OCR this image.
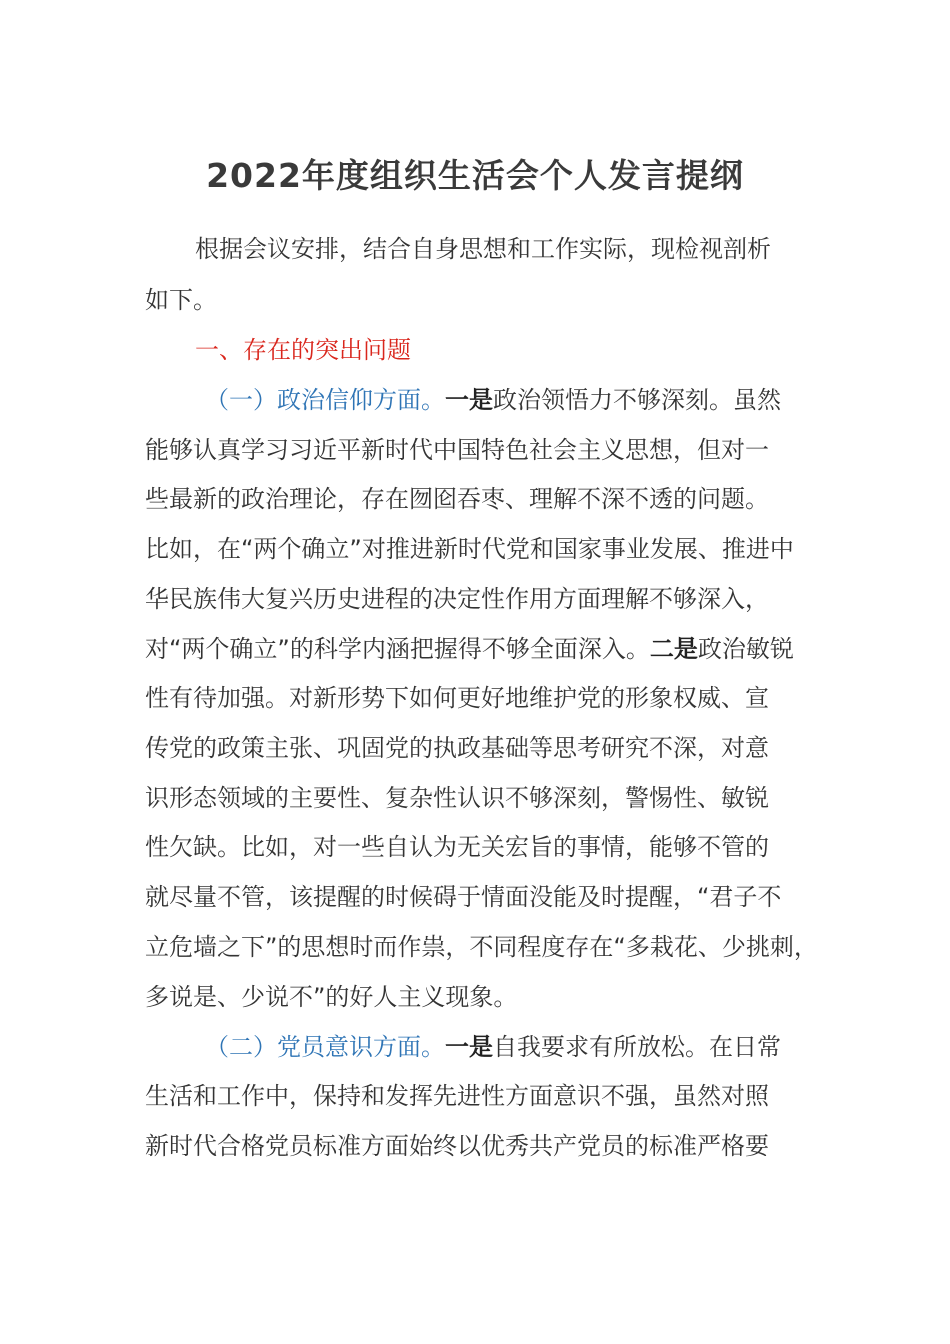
2022年度组织生活会个人发言提纲
根据会议安排，结合自身思想和工作实际，现检视剖析
如下。
一、存在的突出问题
（一）政治信仰方面。一是政治领悟力不够深刻。虽然
能够认真学习习近平新时代中国特色社会主义思想，但对一
些最新的政治理论，存在囫囵吞枣、理解不深不透的问题。
比如，在“两个确立”对推进新时代党和国家事业发展、推进中
华民族伟大复兴历史进程的决定性作用方面理解不够深入，
对“两个确立”的科学内涵把握得不够全面深入。二是政治敏锐
性有待加强。对新形势下如何更好地维护党的形象权威、宣
传党的政策主张、巩固党的执政基础等思考研究不深，对意
识形态领域的主要性、复杂性认识不够深刻，警惕性、敏锐
性欠缺。比如，对一些自认为无关宏旨的事情，能够不管的
就尽量不管，该提醒的时候碍于情面没能及时提醒，“君子不
立危墙之下”的思想时而作祟，不同程度存在“多栽花、少挑刺，
多说是、少说不”的好人主义现象。
（二）党员意识方面。一是自我要求有所放松。在日常
生活和工作中，保持和发挥先进性方面意识不强，虽然对照
新时代合格党员标准方面始终以优秀共产党员的标准严格要
